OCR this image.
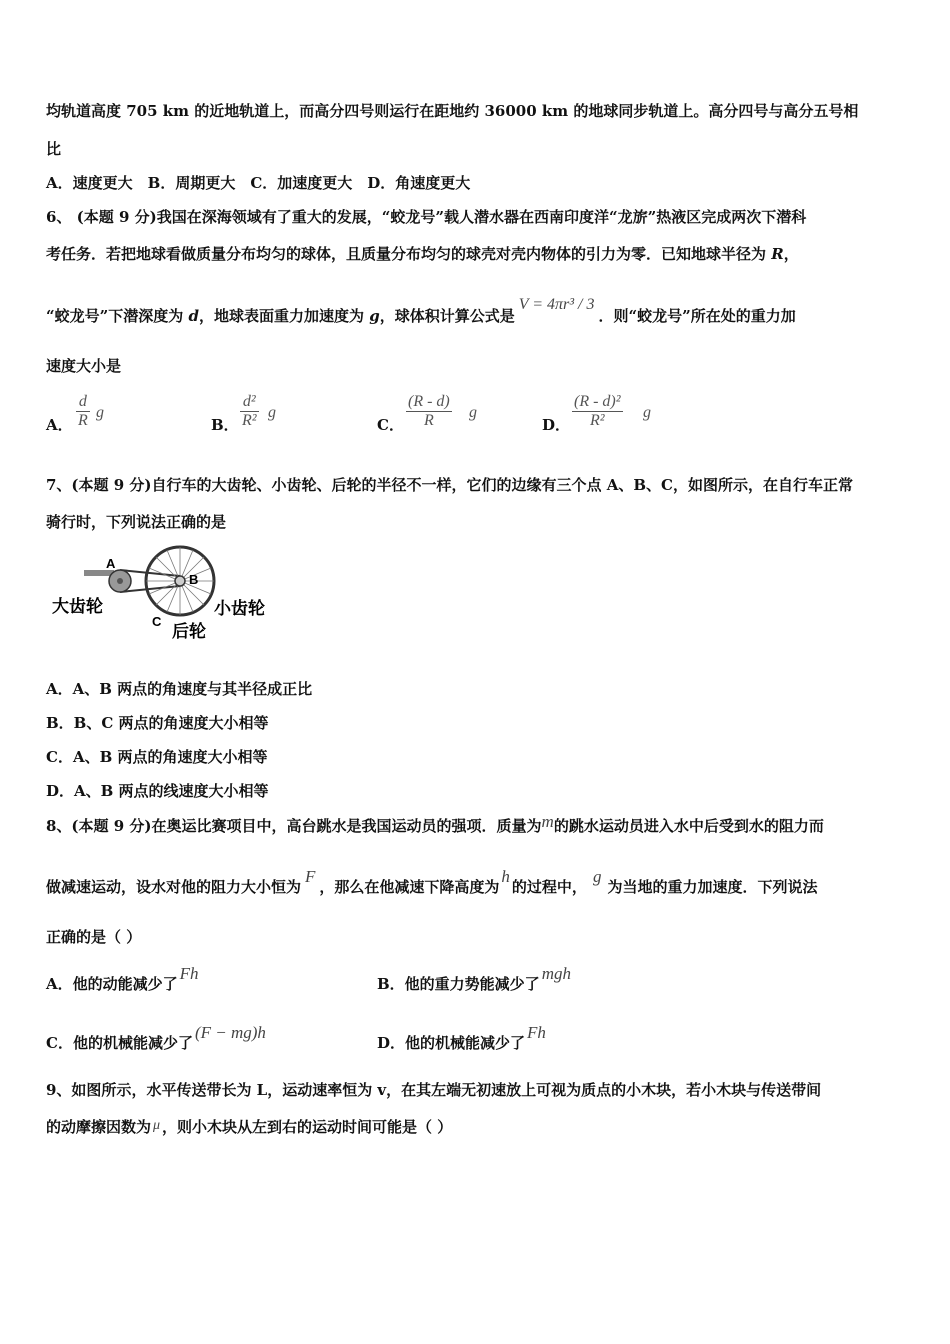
均轨道高度 705 km 的近地轨道上，而高分四号则运行在距地约 36000 km 的地球同步轨道上。高分四号与高分五号相
比
A．速度更大　B．周期更大　C．加速度更大　D．角速度更大
6、 (本题 9 分)我国在深海领域有了重大的发展，“蛟龙号”载人潜水器在西南印度洋“龙旂”热液区完成两次下潜科
考任务．若把地球看做质量分布均匀的球体，且质量分布均匀的球壳对壳内物体的引力为零．已知地球半径为 R，
“蛟龙号”下潜深度为 d，地球表面重力加速度为 g，球体积计算公式是V = 4πr³ / 3．则“蛟龙号”所在处的重力加
速度大小是
A． $\frac{d}{R}$ g
B． $\frac{\text{d²}}{\text{R²}}$ g
C． $\frac{(R - d)}{R}$ g
D． $\frac{\text{(R - d)²}}{\text{R²}}$ g
7、(本题 9 分)自行车的大齿轮、小齿轮、后轮的半径不一样，它们的边缘有三个点 A、B、C，如图所示，在自行车正常
骑行时，下列说法正确的是
A
B
C
大齿轮	小齿轮
后轮
A．A、B 两点的角速度与其半径成正比
B．B、C 两点的角速度大小相等
C．A、B 两点的角速度大小相等
D．A、B 两点的线速度大小相等
8、(本题 9 分)在奥运比赛项目中，高台跳水是我国运动员的强项．质量为m的跳水运动员进入水中后受到水的阻力而
做减速运动，设水对他的阻力大小恒为F，那么在他减速下降高度为h的过程中，g为当地的重力加速度．下列说法
正确的是（ ）
A．他的动能减少了Fh
B．他的重力势能减少了mgh
C．他的机械能减少了(F − mg)h
D．他的机械能减少了Fh
9、如图所示，水平传送带长为 L，运动速率恒为 v，在其左端无初速放上可视为质点的小木块，若小木块与传送带间
的动摩擦因数为 μ ，则小木块从左到右的运动时间可能是（ ）
